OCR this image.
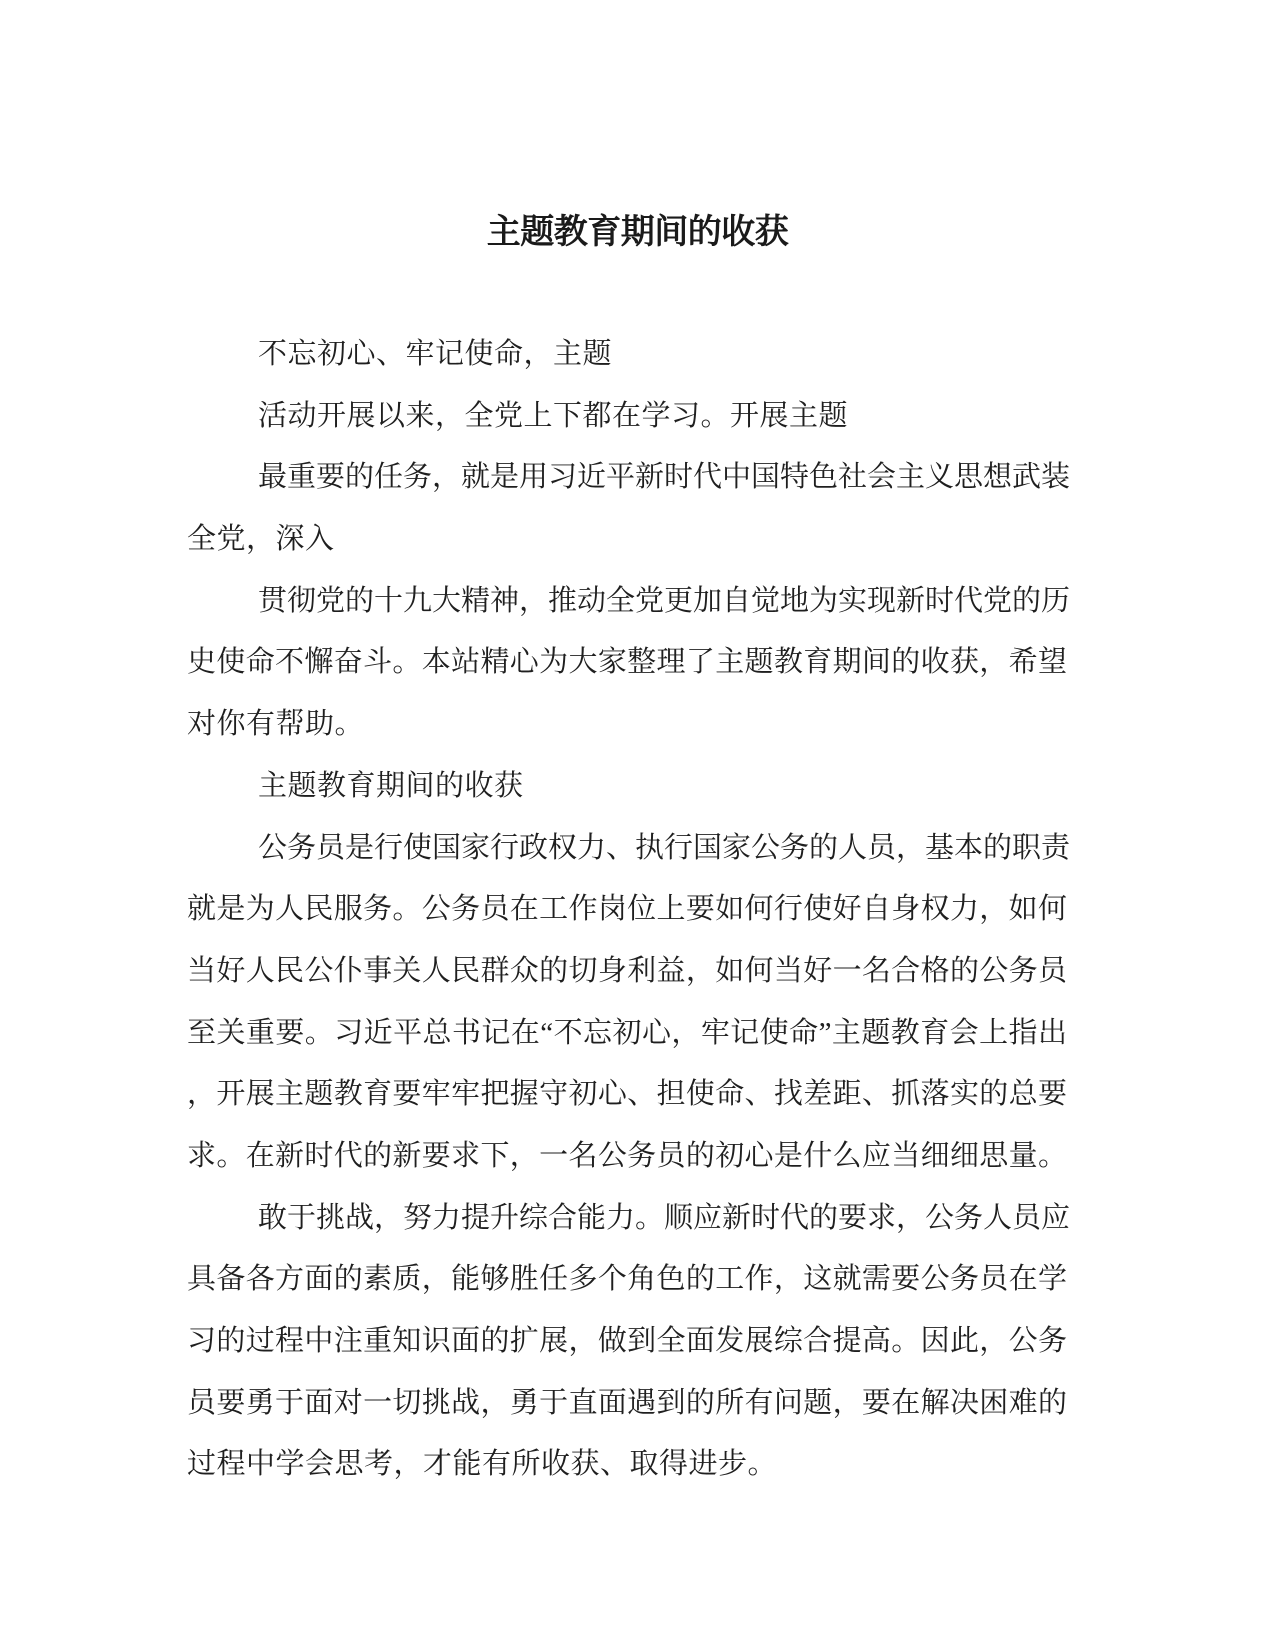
主题教育期间的收获
不忘初心、牢记使命，主题
活动开展以来，全党上下都在学习。开展主题
最重要的任务，就是用习近平新时代中国特色社会主义思想武装
全党，深入
贯彻党的十九大精神，推动全党更加自觉地为实现新时代党的历
史使命不懈奋斗。本站精心为大家整理了主题教育期间的收获，希望
对你有帮助。
主题教育期间的收获
公务员是行使国家行政权力、执行国家公务的人员，基本的职责
就是为人民服务。公务员在工作岗位上要如何行使好自身权力，如何
当好人民公仆事关人民群众的切身利益，如何当好一名合格的公务员
至关重要。习近平总书记在“不忘初心，牢记使命”主题教育会上指出
，开展主题教育要牢牢把握守初心、担使命、找差距、抓落实的总要
求。在新时代的新要求下，一名公务员的初心是什么应当细细思量。
敢于挑战，努力提升综合能力。顺应新时代的要求，公务人员应
具备各方面的素质，能够胜任多个角色的工作，这就需要公务员在学
习的过程中注重知识面的扩展，做到全面发展综合提高。因此，公务
员要勇于面对一切挑战，勇于直面遇到的所有问题，要在解决困难的
过程中学会思考，才能有所收获、取得进步。
